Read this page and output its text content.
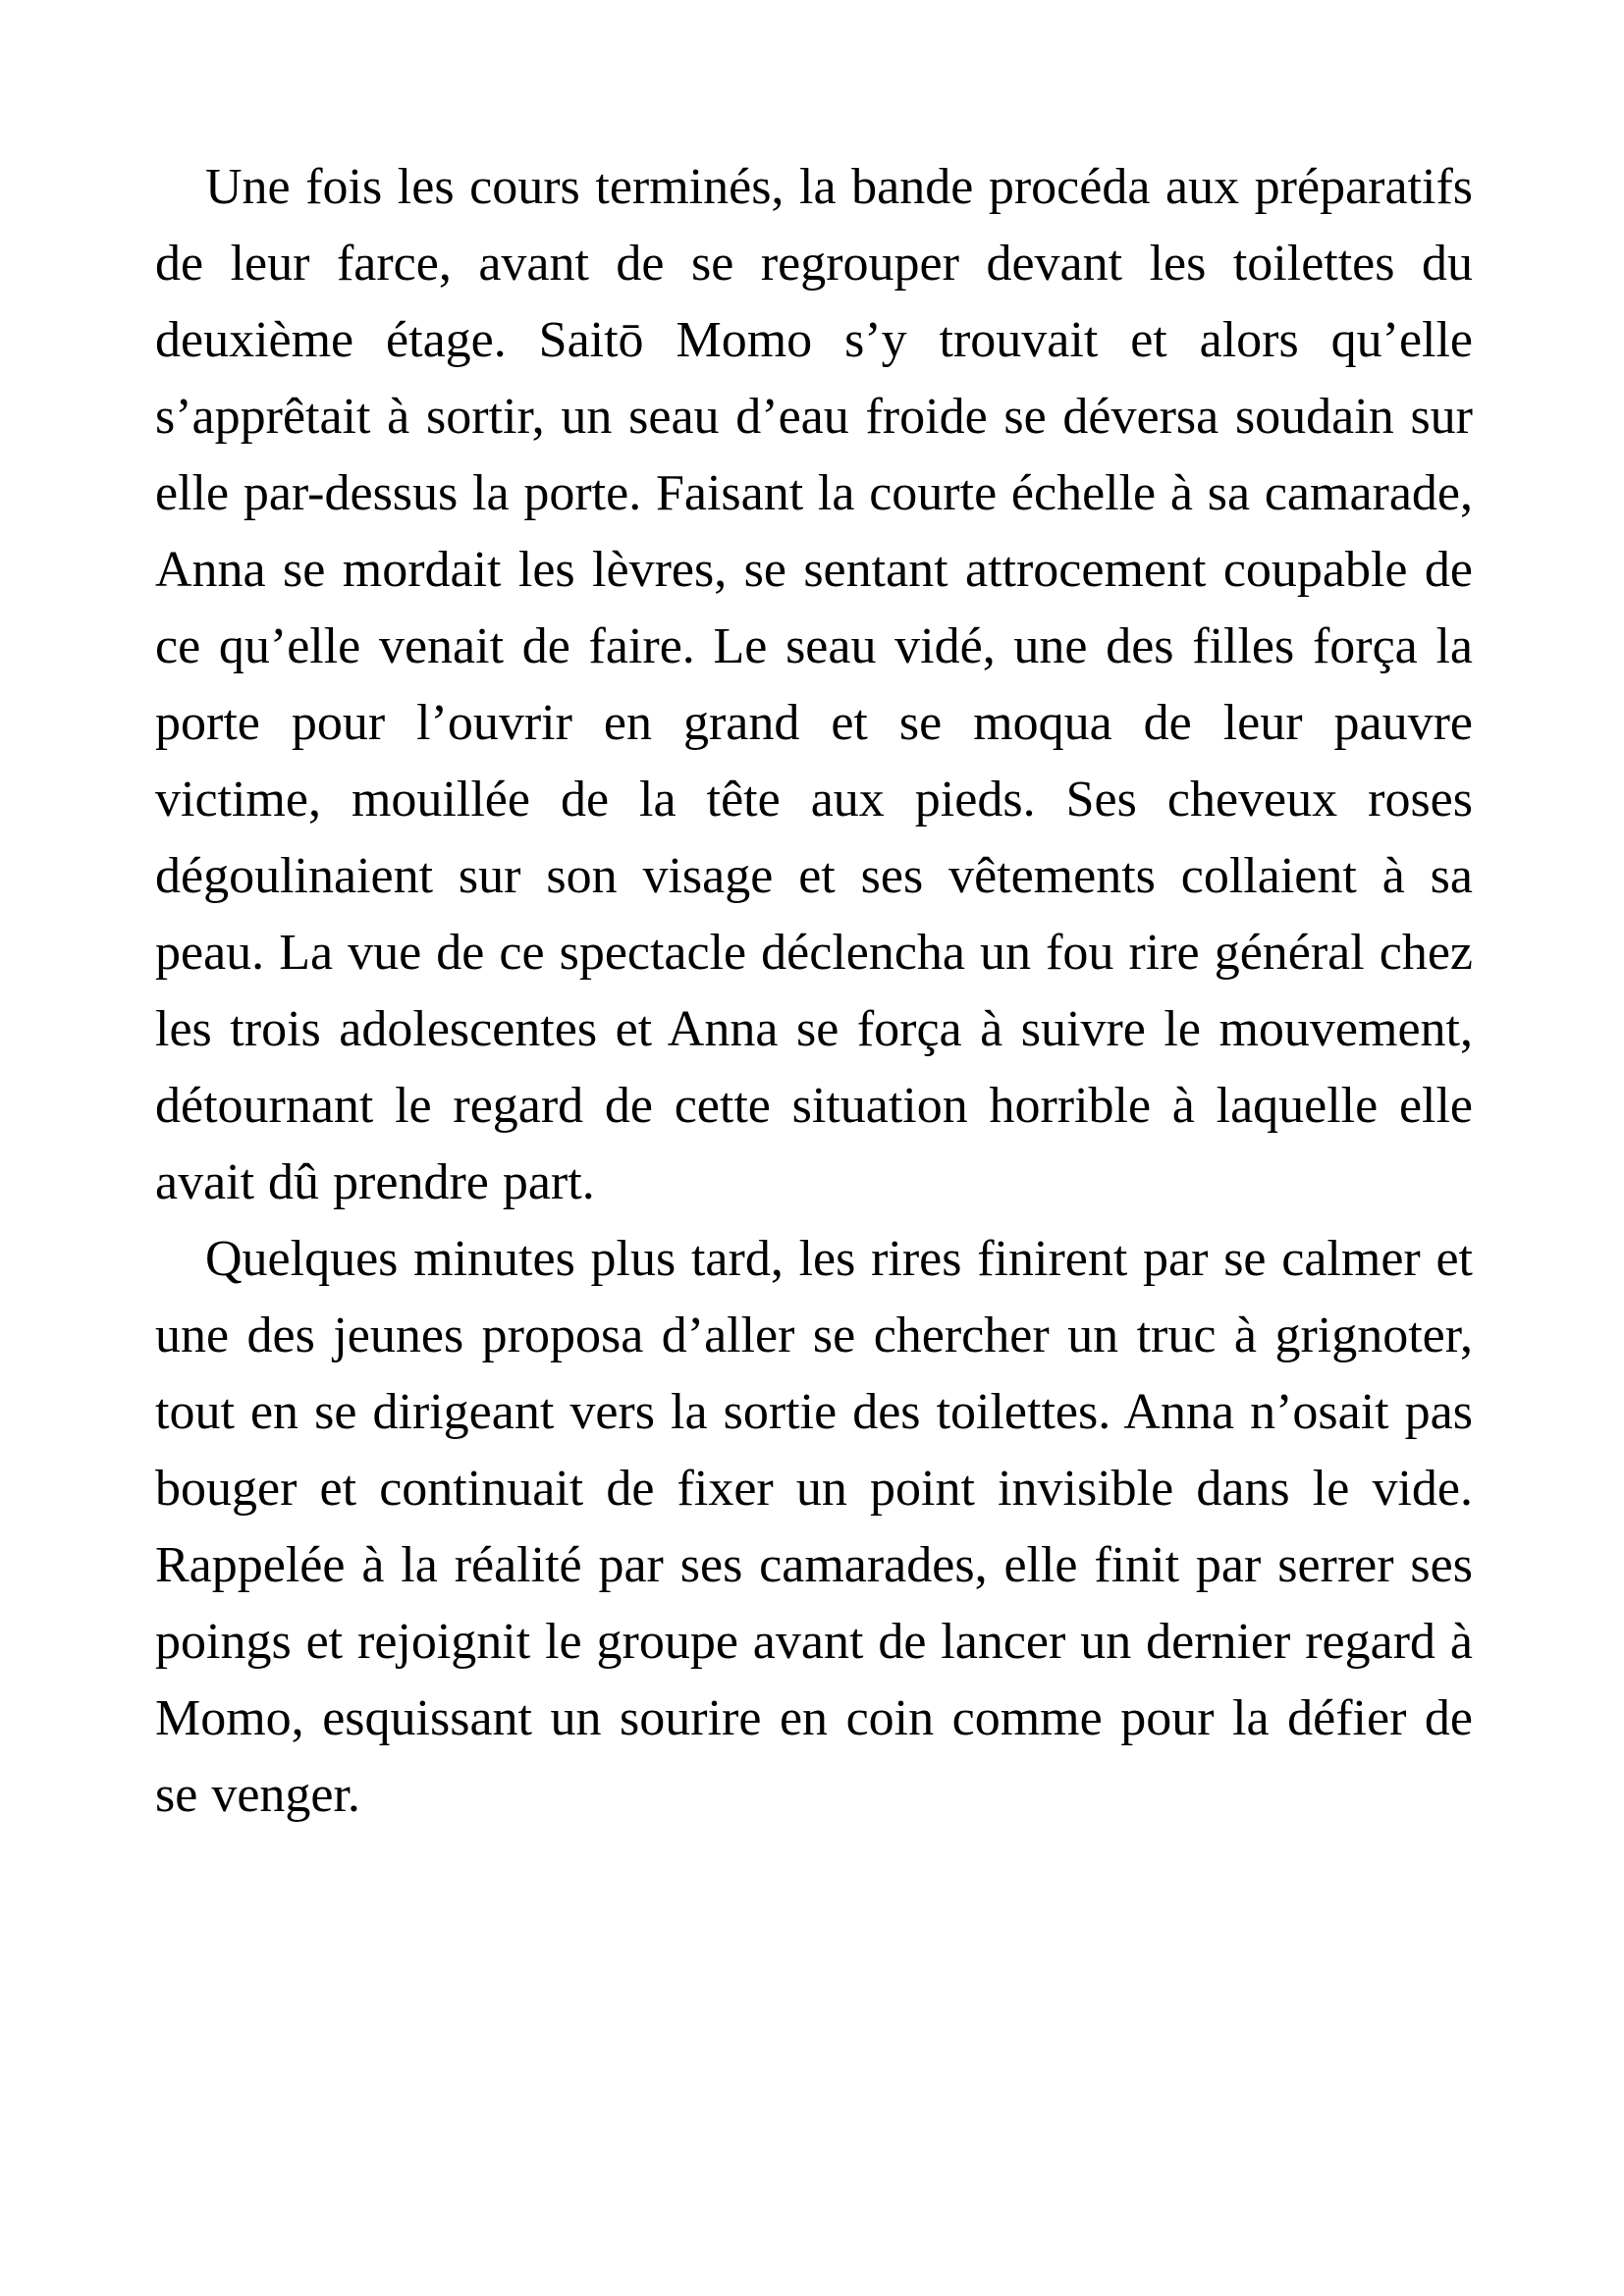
Une fois les cours terminés, la bande procéda aux préparatifs de leur farce, avant de se regrouper devant les toilettes du deuxième étage. Saitō Momo s’y trouvait et alors qu’elle s’apprêtait à sortir, un seau d’eau froide se déversa soudain sur elle par-dessus la porte. Faisant la courte échelle à sa camarade, Anna se mordait les lèvres, se sentant attrocement coupable de ce qu’elle venait de faire. Le seau vidé, une des filles força la porte pour l’ouvrir en grand et se moqua de leur pauvre victime, mouillée de la tête aux pieds. Ses cheveux roses dégoulinaient sur son visage et ses vêtements collaient à sa peau. La vue de ce spectacle déclencha un fou rire général chez les trois adolescentes et Anna se força à suivre le mouvement, détournant le regard de cette situation horrible à laquelle elle avait dû prendre part.

Quelques minutes plus tard, les rires finirent par se calmer et une des jeunes proposa d’aller se chercher un truc à grignoter, tout en se dirigeant vers la sortie des toilettes. Anna n’osait pas bouger et continuait de fixer un point invisible dans le vide. Rappelée à la réalité par ses camarades, elle finit par serrer ses poings et rejoignit le groupe avant de lancer un dernier regard à Momo, esquissant un sourire en coin comme pour la défier de se venger.
